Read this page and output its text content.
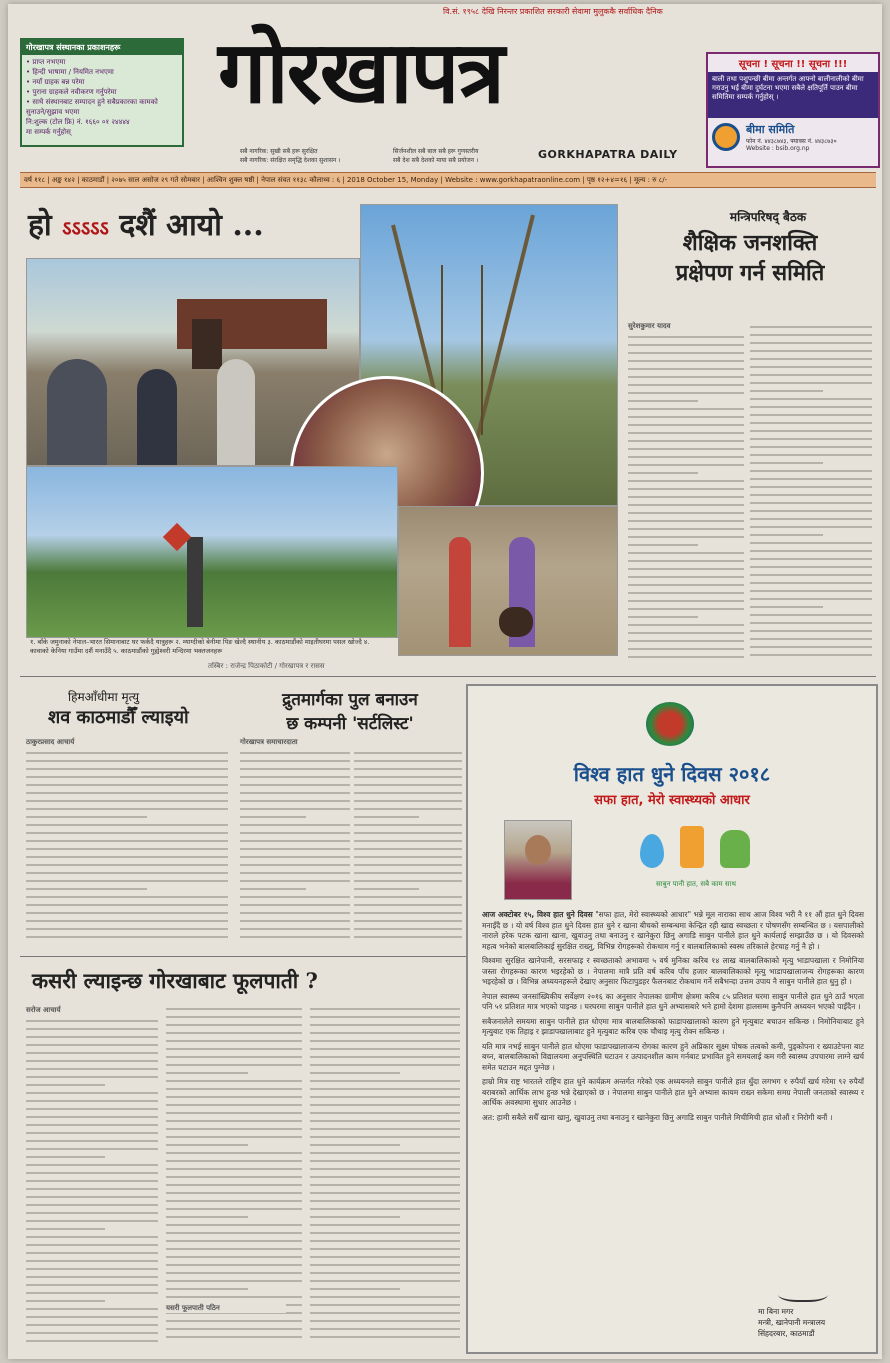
वि.सं. १९५८ देखि निरन्तर प्रकाशित सरकारी सेवामा मुलुककै सर्वाधिक दैनिक
गोरखापत्र संस्थानका प्रकाशनहरू
• प्राप्त नभएमा
• हिन्दी भाषामा / नियमित नभएमा
• नयाँ ग्राहक बन्न परेमा
• पुराना ग्राहकले नवीकरण गर्नुपरेमा
• साथै संस्थानबाट सम्पादन हुने सबैप्रकारका कामको सुनाउने/सुझाव भएमा
नि:शुल्क (टोल फ्रि) नं. १६६० ०१ २४४४४
मा सम्पर्क गर्नुहोस्
गोरखापत्र
सबै नागरिक: सुखी सबै हरू सुरक्षित
सबै नागरिक: संरक्षित समृद्धि देशका सुशासन ।
सिर्जनशील सबै बाल सबै हरू गुणस्तरीय
सबै देश सबै देशको माया सबै प्रयोजन ।	GORKHAPATRA DAILY
सूचना ! सूचना !! सूचना !!!
बाली तथा पशुपन्छी बीमा अन्तर्गत आफ्नो बालीनालीको बीमा गराउनु भई बीमा दुर्घटना भएमा सबैले क्षतिपूर्ति पाउन बीमा समितिमा सम्पर्क गर्नुहोस् ।
बीमा समिति
फोन नं. ४४३८७४३, फ्याक्स नं. ४४३८७३०
Website : bsib.org.np
वर्ष ११८ | अङ्क १४२ | काठमाडौं | २०७५ साल असोज २९ गते सोमबार | आश्विन शुक्ल षष्ठी | नेपाल संवत ११३८ कौलाथ्व : ६ | 2018 October 15, Monday | Website : www.gorkhapatraonline.com | पृष्ठ १२+४=१६ | मूल्य : रु ८/-
हो ऽऽऽऽऽ दशैं आयो ...
१. बाँके जमुनाको नेपाल–भारत सिमानाबाट घर फर्कदै यात्रुहरू २. म्याग्दीको बेनीमा पिङ खेल्दै स्थानीय ३. काठमाडौंको माइतीघरमा पसल खोज्दै ४. कावाको केनिया गाउँमा दशैं मनाउँदै ५. काठमाडौंको गुह्येश्वरी मन्दिरमा भक्तजनहरू
तस्बिर : राजेन्द्र पिठाकोटी / गोरखापत्र र रासस
मन्त्रिपरिषद् बैठक
शैक्षिक जनशक्ति
प्रक्षेपण गर्न समिति
सुरेशकुमार यादव
हिमआँधीमा मृत्यु
शव काठमाडौँ ल्याइयो
ठाकुरप्रसाद आचार्य
द्रुतमार्गका पुल बनाउन
छ कम्पनी 'सर्टलिस्ट'
गोरखापत्र समाचारदाता
कसरी ल्याइन्छ गोरखाबाट फूलपाती ?
सरोज आचार्य
यसरी फूलपाती पठिन
विश्व हात धुने दिवस २०१८
सफा हात, मेरो स्वास्थ्यको आधार
साबुन पानी हात, सबै काम साथ

आज अक्टोबर १५, विश्व हात धुने दिवस "सफा हात, मेरो स्वास्थ्यको आधार" भन्ने मूल नाराका साथ आज विश्व भरी नै ११ औं हात धुने दिवस मनाइँदै छ । यो वर्ष विश्व हात धुने दिवस हात धुने र खाना बीचको सम्बन्धमा केन्द्रित रही खाद्य स्वच्छता र पोषणसँग सम्बन्धित छ । यसपालीको नाराले हरेक पटक खाना खाना, खुवाउनु तथा बनाउनु र खानेकुरा छिनु अगाडि साबुन पानीले हात धुने कार्यलाई सम्झाउँछ छ । यो दिवसको महत्व भनेको बालबालिकाई सुरक्षित राख्नु, विभिन्न रोगहरूको रोकथाम गर्नु र बालबालिकाको स्वस्थ तरिकाले हेरचाह गर्नु नै हो ।

विश्वमा सुरक्षित खानेपानी, सरसफाइ र स्वच्छताको अभावमा ५ वर्ष मुनिका करिब १४ लाख बालबालिकाको मृत्यु भाडापखाला र निमोनिया जस्ता रोगहरूका कारण भइरहेको छ । नेपालमा मात्रै प्रति वर्ष करिब पाँच हजार बालबालिकाको मृत्यु भाडापखालाजन्य रोगहरूका कारण भइरहेको छ । विभिन्न अध्ययनहरूले देखाए अनुसार फिटापुडहर फैलनबाट रोकथाम गर्ने सबैभन्दा उत्तम उपाय नै साबुन पानीले हात धुनु हो ।

नेपाल स्वास्थ्य जनसांख्यिकीय सर्वेक्षण २०१६ का अनुसार नेपालका ग्रामीण क्षेत्रमा करिब ८५ प्रतिशत घरमा साबुन पानीले हात धुने ठाउँ भएता पनि ५१ प्रतिशत मात्र भएको पाइन्छ । घरघरमा साबुन पानीले हात धुने अभ्यासबारे भने हामो देशमा हालसम्म कुनैपनि अध्ययन भएको पाइँदैन ।

सबैजनालेले समयमा साबुन पानीले हात धोएमा मात्र बालबालिकाको फाडापखालाको कारण हुने मृत्युबाट बचाउन सकिन्छ । निमोनियाबाट हुने मृत्युबाट एक तिहाइ र झाडापखालाबाट हुने मृत्युबाट करिब एक चौथाइ मृत्यु रोक्न सकिन्छ ।

यति मात्र नभई साबुन पानीले हात धोएमा फाडापखालाजन्य रोगका कारण हुने अप्रिकार सूक्ष्म पोषक तत्वको कमी, पुड्कोपना र ख्याउटेपना बाट बच्न, बालबालिकाको विद्यालयमा अनुपस्थिति घटाउन र उत्पादनशील काम गर्नबाट प्रभावित हुने समयलाई कम गरी स्वास्थ्य उपचारमा लाग्ने खर्च समेत घटाउन मद्दत पुग्नेछ ।

हाम्रो मित्र राष्ट्र भारतले राष्ट्रिय हात धुने कार्यक्रम अन्तर्गत गरेको एक अध्ययनले साबुन पानीले हात धुँदा लगभग १ रुपैयाँ खर्च गरेमा ९२ रुपैयाँ बराबरको आर्थिक लाभ हुन्छ भन्ने देखाएको छ । नेपालमा साबुन पानीले हात धुने अभ्यास कायम राख्न सकेमा समग्र नेपाली जनताको स्वास्थ्य र आर्थिक अवस्थामा सुधार आउनेछ ।

अत: हामी सबैले सधैँ खाना खानु, खुवाउनु तथा बनाउनु र खानेकुरा छिनु अगाडि साबुन पानीले मिचीमिची हात धोऔं र निरोगी बनौं ।

मा बिना मगर
मन्त्री, खानेपानी मन्त्रालय
सिंहदरबार, काठमाडौं
